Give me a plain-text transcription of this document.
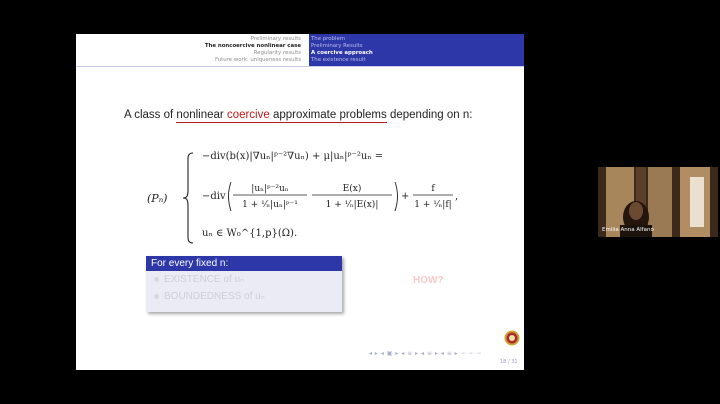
Preliminary results
The noncoercive nonlinear case
Regularity results
Future work: uniqueness results
The problem
Preliminary Results
A coercive approach
The existence result
A class of nonlinear coercive approximate problems depending on n:
(Pₙ)
−div(b(x)|∇uₙ|ᵖ⁻²∇uₙ) + μ|uₙ|ᵖ⁻²uₙ =
−div
|uₙ|ᵖ⁻²uₙ
1 + ¹⁄ₙ|uₙ|ᵖ⁻¹
E(x)
1 + ¹⁄ₙ|E(x)|
+
f
1 + ¹⁄ₙ|f|
,
uₙ ∈ W₀^{1,p}(Ω).
For every fixed n:
EXISTENCE of uₙ
BOUNDEDNESS of uₙ
HOW?
◂ ▸ ◂ ▣ ▸ ◂ ≡ ▸ ◂ ≡ ▸ ◂ ≡ ▸ ∽ ∽ ∽
18 / 31
Emilia Anna Alfano
